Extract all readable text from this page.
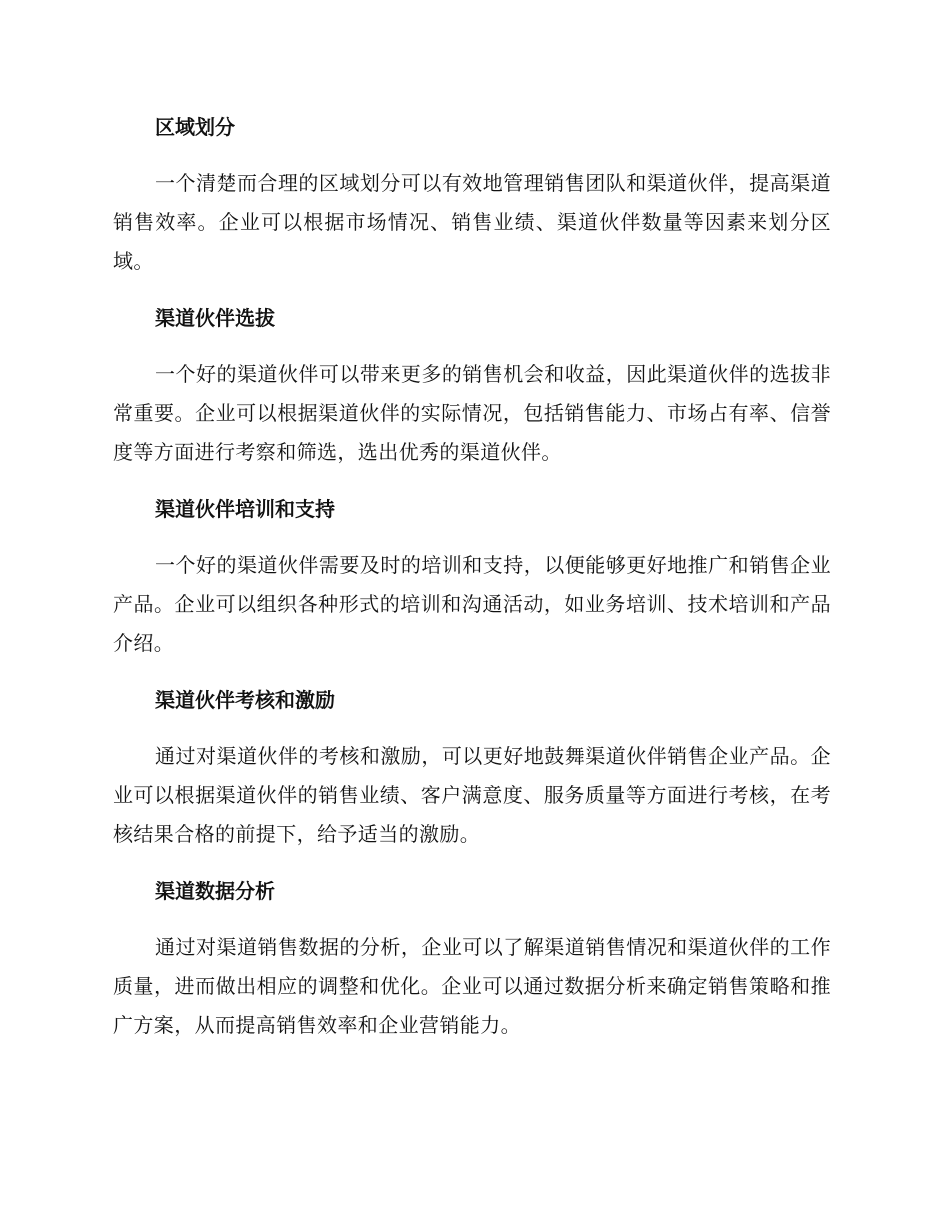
区域划分

一个清楚而合理的区域划分可以有效地管理销售团队和渠道伙伴，提高渠道销售效率。企业可以根据市场情况、销售业绩、渠道伙伴数量等因素来划分区域。

渠道伙伴选拔

一个好的渠道伙伴可以带来更多的销售机会和收益，因此渠道伙伴的选拔非常重要。企业可以根据渠道伙伴的实际情况，包括销售能力、市场占有率、信誉度等方面进行考察和筛选，选出优秀的渠道伙伴。

渠道伙伴培训和支持

一个好的渠道伙伴需要及时的培训和支持，以便能够更好地推广和销售企业产品。企业可以组织各种形式的培训和沟通活动，如业务培训、技术培训和产品介绍。

渠道伙伴考核和激励

通过对渠道伙伴的考核和激励，可以更好地鼓舞渠道伙伴销售企业产品。企业可以根据渠道伙伴的销售业绩、客户满意度、服务质量等方面进行考核，在考核结果合格的前提下，给予适当的激励。

渠道数据分析

通过对渠道销售数据的分析，企业可以了解渠道销售情况和渠道伙伴的工作质量，进而做出相应的调整和优化。企业可以通过数据分析来确定销售策略和推广方案，从而提高销售效率和企业营销能力。
